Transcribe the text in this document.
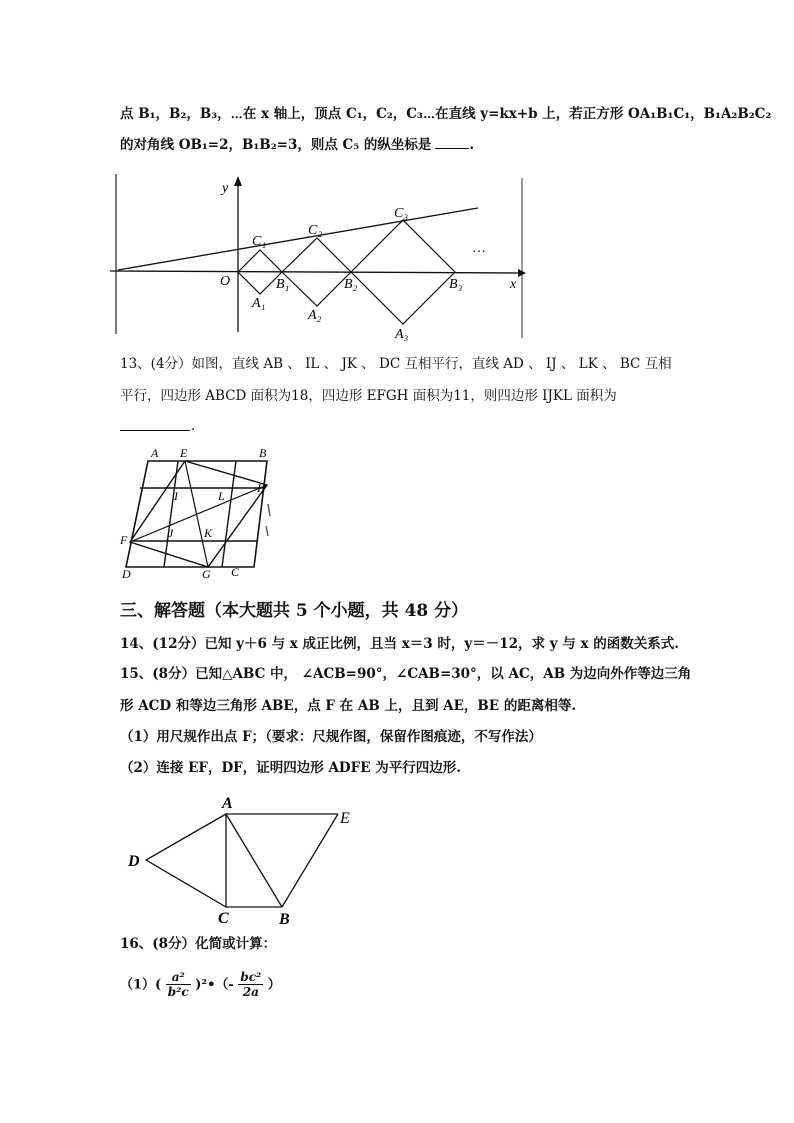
点 B₁，B₂，B₃，⋯在 x 轴上，顶点 C₁，C₂，C₃⋯在直线 y=kx+b 上，若正方形 OA₁B₁C₁，B₁A₂B₂C₂
的对角线 OB₁=2，B₁B₂=3，则点 C₅ 的纵坐标是	.
y
x
O
…
C₁
C₂
C₃
B₁	B₂	B₃
A₁
A₂
A₃
13、(4分）如图，直线 AB 、 IL 、 JK 、 DC 互相平行，直线 AD 、 IJ 、 LK 、 BC 互相
平行，四边形 ABCD 面积为18，四边形 EFGH 面积为11，则四边形 IJKL 面积为
.
A E	B
I	L
H
F	J	K
D	G C
三、解答题（本大题共 5 个小题，共 48 分）
14、(12分）已知 y＋6 与 x 成正比例，且当 x＝3 时，y＝－12，求 y 与 x 的函数关系式.
15、(8分）已知△ABC 中， ∠ACB=90°，∠CAB=30°，以 AC，AB 为边向外作等边三角
形 ACD 和等边三角形 ABE，点 F 在 AB 上，且到 AE，BE 的距离相等.
（1）用尺规作出点 F；（要求：尺规作图，保留作图痕迹，不写作法）
（2）连接 EF，DF，证明四边形 ADFE 为平行四边形.
A
E
D
C	B
16、(8分）化简或计算：
$(1)( \frac{\text{a²}}{\text{b²c}}$ )²•（- $\frac{\text{bc²}}{2a}$ ）
